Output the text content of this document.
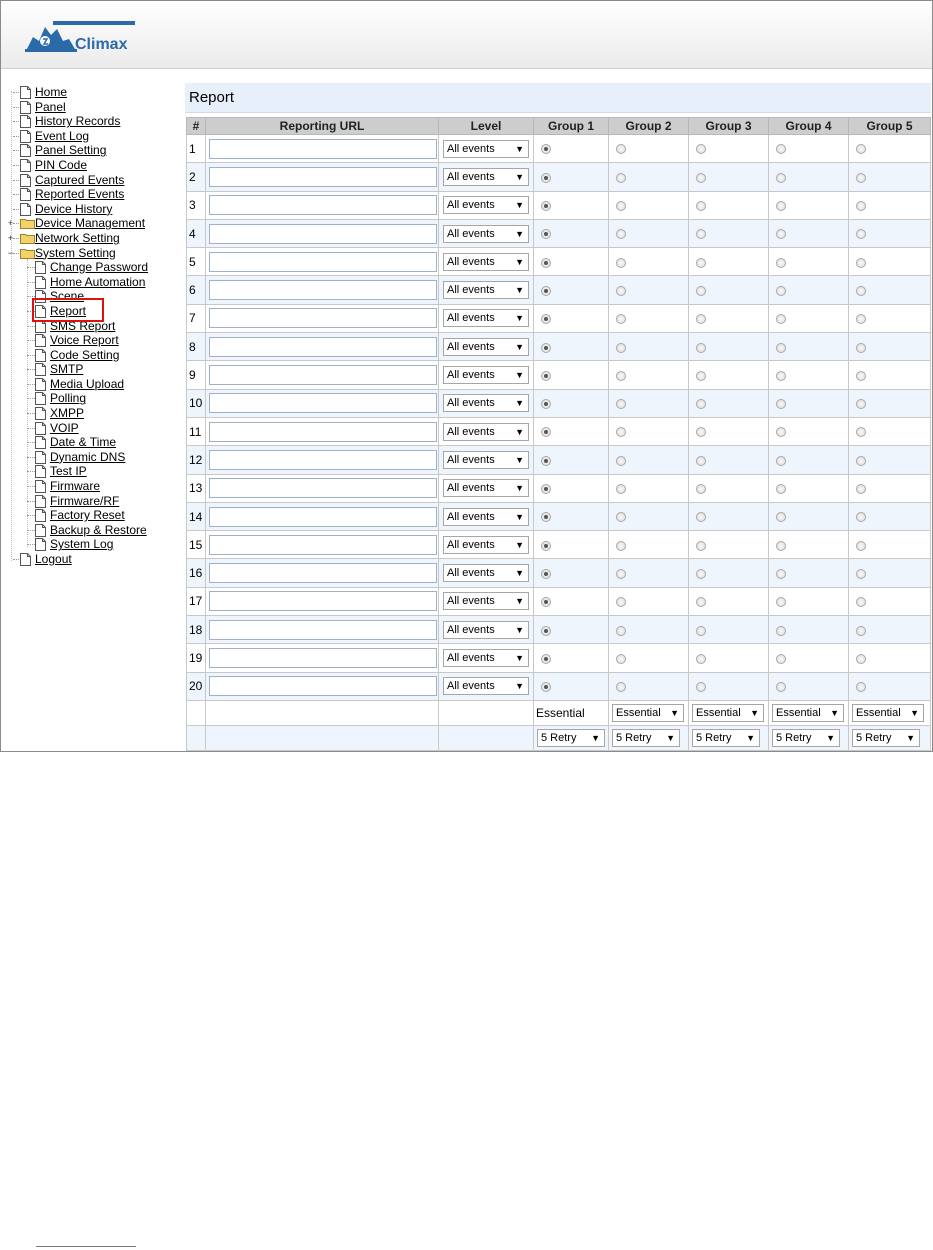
Climax
Home
Panel
History Records
Event Log
Panel Setting
PIN Code
Captured Events
Reported Events
Device History
+ Device Management
+ Network Setting
− System Setting
Change Password
Home Automation
Scene
Report
SMS Report
Voice Report
Code Setting
SMTP
Media Upload
Polling
XMPP
VOIP
Date & Time
Dynamic DNS
Test IP
Firmware
Firmware/RF
Factory Reset
Backup & Restore
System Log
Logout
Report
#	Reporting URL	Level	Group 1	Group 2	Group 3	Group 4	Group 5
1		All events ▼					

2		All events ▼					

3		All events ▼					

4		All events ▼					

5		All events ▼					

6		All events ▼					

7		All events ▼					

8		All events ▼					

9		All events ▼					

10		All events ▼					

11		All events ▼					

12		All events ▼					

13		All events ▼					

14		All events ▼					

15		All events ▼					

16		All events ▼					

17		All events ▼					

18		All events ▼					

19		All events ▼					

20		All events ▼					

			Essential	Essential ▼	Essential ▼	Essential ▼	Essential ▼

			5 Retry ▼	5 Retry ▼	5 Retry ▼	5 Retry ▼	5 Retry ▼
